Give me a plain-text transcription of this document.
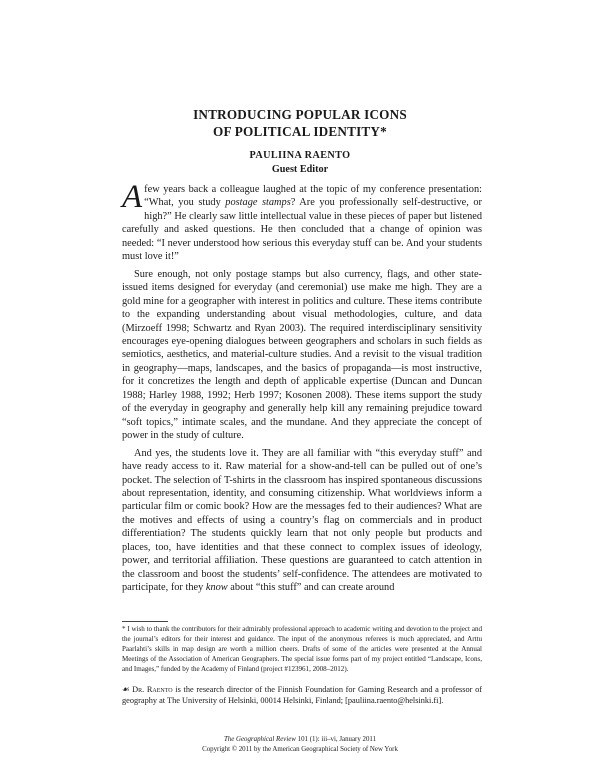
INTRODUCING POPULAR ICONS
OF POLITICAL IDENTITY*
PAULIINA RAENTO
Guest Editor

A few years back a colleague laughed at the topic of my conference presentation: “What, you study postage stamps? Are you professionally self-destructive, or high?” He clearly saw little intellectual value in these pieces of paper but listened carefully and asked questions. He then concluded that a change of opinion was needed: “I never understood how serious this everyday stuff can be. And your students must love it!”

Sure enough, not only postage stamps but also currency, flags, and other state-issued items designed for everyday (and ceremonial) use make me high. They are a gold mine for a geographer with interest in politics and culture. These items contribute to the expanding understanding about visual methodologies, culture, and data (Mirzoeff 1998; Schwartz and Ryan 2003). The required interdisciplinary sensitivity encourages eye-opening dialogues between geographers and scholars in such fields as semiotics, aesthetics, and material-culture studies. And a revisit to the visual tradition in geography—maps, landscapes, and the basics of propaganda—is most instructive, for it concretizes the length and depth of applicable expertise (Duncan and Duncan 1988; Harley 1988, 1992; Herb 1997; Kosonen 2008). These items support the study of the everyday in geography and generally help kill any remaining prejudice toward “soft topics,” intimate scales, and the mundane. And they appreciate the concept of power in the study of culture.

And yes, the students love it. They are all familiar with “this everyday stuff” and have ready access to it. Raw material for a show-and-tell can be pulled out of one’s pocket. The selection of T-shirts in the classroom has inspired spontaneous discussions about representation, identity, and consuming citizenship. What worldviews inform a particular film or comic book? How are the messages fed to their audiences? What are the motives and effects of using a country’s flag on commercials and in product differentiation? The students quickly learn that not only people but products and places, too, have identities and that these connect to complex issues of ideology, power, and territorial affiliation. These questions are guaranteed to catch attention in the classroom and boost the students’ self-confidence. The attendees are motivated to participate, for they know about “this stuff” and can create around

* I wish to thank the contributors for their admirably professional approach to academic writing and devotion to the project and the journal’s editors for their interest and guidance. The input of the anonymous referees is much appreciated, and Arttu Paarlahti’s skills in map design are worth a million cheers. Drafts of some of the articles were presented at the Annual Meetings of the Association of American Geographers. The special issue forms part of my project entitled “Landscape, Icons, and Images,” funded by the Academy of Finland (project #123961, 2008–2012).
☙ Dr. Raento is the research director of the Finnish Foundation for Gaming Research and a professor of geography at The University of Helsinki, 00014 Helsinki, Finland; [pauliina.raento@helsinki.fi].
The Geographical Review 101 (1): iii–vi, January 2011
Copyright © 2011 by the American Geographical Society of New York
